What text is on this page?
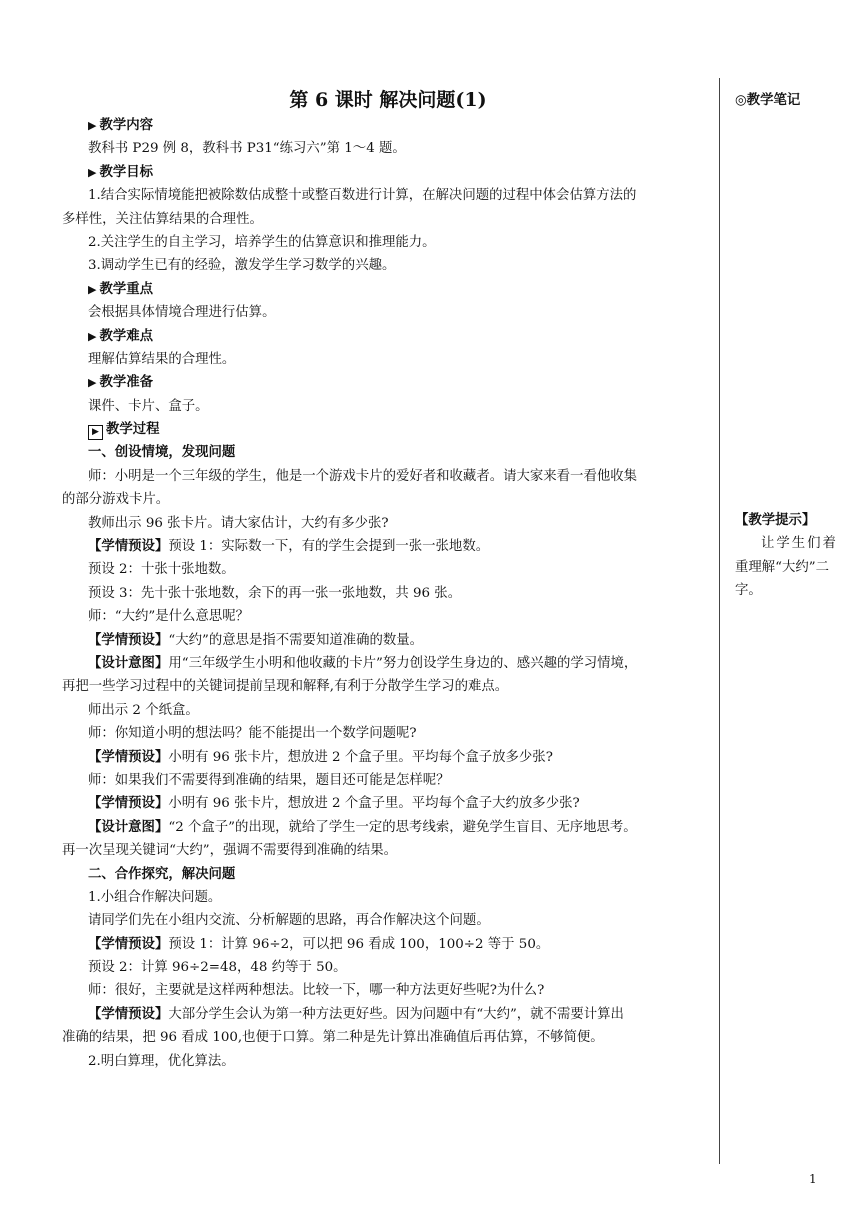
第 6 课时 解决问题(1)
▶ 教学内容
教科书 P29 例 8，教科书 P31“练习六”第 1～4 题。
▶ 教学目标
1.结合实际情境能把被除数估成整十或整百数进行计算，在解决问题的过程中体会估算方法的
多样性，关注估算结果的合理性。
2.关注学生的自主学习，培养学生的估算意识和推理能力。
3.调动学生已有的经验，激发学生学习数学的兴趣。
▶ 教学重点
会根据具体情境合理进行估算。
▶ 教学难点
理解估算结果的合理性。
▶ 教学准备
课件、卡片、盒子。
▶ 教学过程
一、创设情境，发现问题
师：小明是一个三年级的学生，他是一个游戏卡片的爱好者和收藏者。请大家来看一看他收集
的部分游戏卡片。
教师出示 96 张卡片。请大家估计，大约有多少张?
【学情预设】预设 1：实际数一下，有的学生会提到一张一张地数。
预设 2：十张十张地数。
预设 3：先十张十张地数，余下的再一张一张地数，共 96 张。
师：“大约”是什么意思呢？
【学情预设】“大约”的意思是指不需要知道准确的数量。
【设计意图】用“三年级学生小明和他收藏的卡片”努力创设学生身边的、感兴趣的学习情境，
再把一些学习过程中的关键词提前呈现和解释,有利于分散学生学习的难点。
师出示 2 个纸盒。
师：你知道小明的想法吗？能不能提出一个数学问题呢?
【学情预设】小明有 96 张卡片，想放进 2 个盒子里。平均每个盒子放多少张?
师：如果我们不需要得到准确的结果，题目还可能是怎样呢？
【学情预设】小明有 96 张卡片，想放进 2 个盒子里。平均每个盒子大约放多少张?
【设计意图】“2 个盒子”的出现，就给了学生一定的思考线索，避免学生盲目、无序地思考。
再一次呈现关键词“大约”，强调不需要得到准确的结果。
二、合作探究，解决问题
1.小组合作解决问题。
请同学们先在小组内交流、分析解题的思路，再合作解决这个问题。
【学情预设】预设 1：计算 96÷2，可以把 96 看成 100，100÷2 等于 50。
预设 2：计算 96÷2=48，48 约等于 50。
师：很好，主要就是这样两种想法。比较一下，哪一种方法更好些呢?为什么?
【学情预设】大部分学生会认为第一种方法更好些。因为问题中有“大约”，就不需要计算出
准确的结果，把 96 看成 100,也便于口算。第二种是先计算出准确值后再估算，不够简便。
2.明白算理，优化算法。
◎教学笔记
【教学提示】
让学生们着
重理解“大约”二
字。
1
